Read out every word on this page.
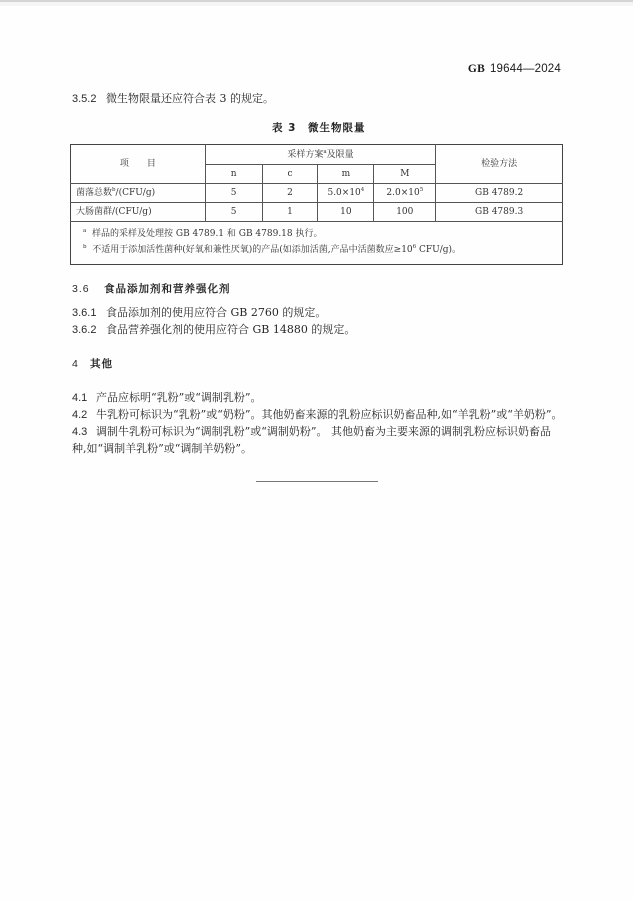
GB 19644—2024
3.5.2 微生物限量还应符合表 3 的规定。
表 3　微生物限量
项　　目	采样方案$^a$及限量				检验方法
	n	c	m	M	
菌落总数$^b$/(CFU/g)	5	2	$5.0\times 10^4$	$2.0\times 10^5$	GB 4789.2
大肠菌群/(CFU/g)	5	1	10	100	GB 4789.3

$^a$ 样品的采样及处理按 GB 4789.1 和 GB 4789.18 执行。
$^b$ 不适用于添加活性菌种(好氧和兼性厌氧)的产品(如添加活菌,产品中活菌数应$\ge 10^6$ CFU/g)。					
3.6 食品添加剂和营养强化剂
3.6.1 食品添加剂的使用应符合 GB 2760 的规定。
3.6.2 食品营养强化剂的使用应符合 GB 14880 的规定。
4 其他
4.1 产品应标明“乳粉”或“调制乳粉”。
4.2 牛乳粉可标识为“乳粉”或“奶粉”。其他奶畜来源的乳粉应标识奶畜品种,如“羊乳粉”或“羊奶粉”。
4.3 调制牛乳粉可标识为“调制乳粉”或“调制奶粉”。 其他奶畜为主要来源的调制乳粉应标识奶畜品
种,如“调制羊乳粉”或“调制羊奶粉”。
